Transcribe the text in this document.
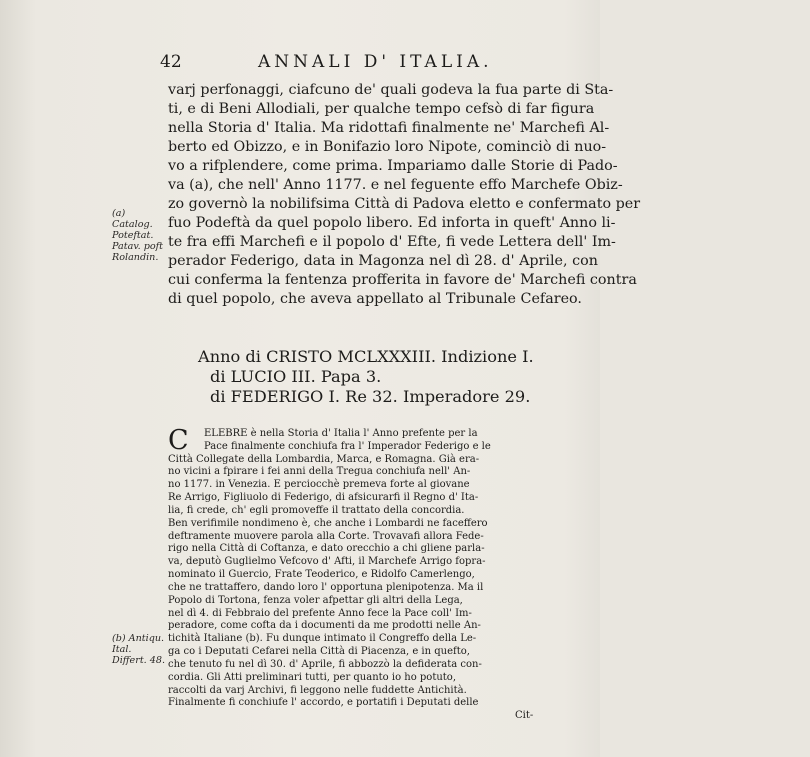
42	ANNALI D' ITALIA.
varj perfonaggi, ciafcuno de' quali godeva la fua parte di Sta-
ti, e di Beni Allodiali, per qualche tempo cefsò di far figura
nella Storia d' Italia. Ma ridottafi finalmente ne' Marchefi Al-
berto ed Obizzo, e in Bonifazio loro Nipote, cominciò di nuo-
vo a rifplendere, come prima. Impariamo dalle Storie di Pado-
va (a), che nell' Anno 1177. e nel feguente effo Marchefe Obiz-
zo governò la nobilifsima Città di Padova eletto e confermato per
fuo Podeftà da quel popolo libero. Ed inforta in queft' Anno li-
te fra effi Marchefi e il popolo d' Efte, fi vede Lettera dell' Im-
perador Federigo, data in Magonza nel dì 28. d' Aprile, con
cui conferma la fentenza profferita in favore de' Marchefi contra
di quel popolo, che aveva appellato al Tribunale Cefareo.
(a) Catalog. Poteftat. Patav. poft Rolandin.
Anno di CRISTO MCLXXXIII. Indizione I.
di LUCIO III. Papa 3.
di FEDERIGO I. Re 32. Imperadore 29.
C ELEBRE è nella Storia d' Italia l' Anno prefente per la
Pace finalmente conchiufa fra l' Imperador Federigo e le
Città Collegate della Lombardia, Marca, e Romagna. Già era-
no vicini a fpirare i fei anni della Tregua conchiufa nell' An-
no 1177. in Venezia. E perciocchè premeva forte al giovane
Re Arrigo, Figliuolo di Federigo, di afsicurarfi il Regno d' Ita-
lia, fi crede, ch' egli promoveffe il trattato della concordia.
Ben verifimile nondimeno è, che anche i Lombardi ne faceffero
deftramente muovere parola alla Corte. Trovavafi allora Fede-
rigo nella Città di Coftanza, e dato orecchio a chi gliene parla-
va, deputò Guglielmo Vefcovo d' Afti, il Marchefe Arrigo fopra-
nominato il Guercio, Frate Teoderico, e Ridolfo Camerlengo,
che ne trattaffero, dando loro l' opportuna plenipotenza. Ma il
Popolo di Tortona, fenza voler afpettar gli altri della Lega,
nel dì 4. di Febbraio del prefente Anno fece la Pace coll' Im-
peradore, come cofta da i documenti da me prodotti nelle An-
tichità Italiane (b). Fu dunque intimato il Congreffo della Le-
ga co i Deputati Cefarei nella Città di Piacenza, e in quefto,
che tenuto fu nel dì 30. d' Aprile, fi abbozzò la defiderata con-
cordia. Gli Atti preliminari tutti, per quanto io ho potuto,
raccolti da varj Archivi, fi leggono nelle fuddette Antichità.
Finalmente fi conchiufe l' accordo, e portatifi i Deputati delle
Cit-
(b) Antiqu. Ital. Differt. 48.
